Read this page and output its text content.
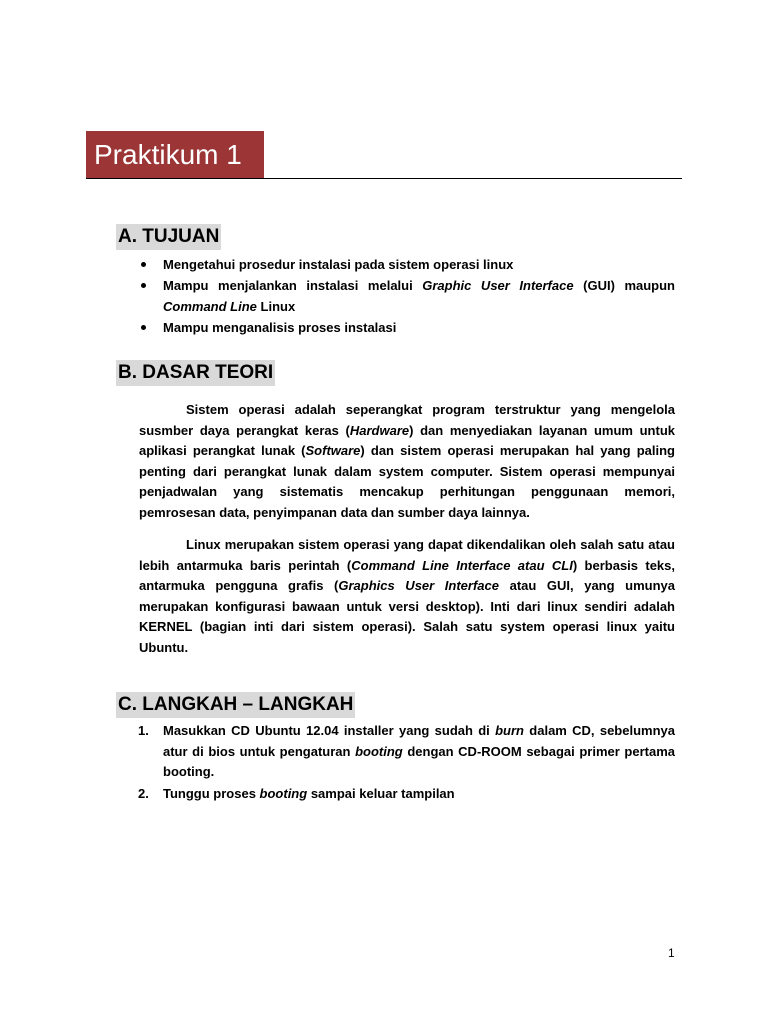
Praktikum 1
A. TUJUAN
Mengetahui prosedur instalasi pada sistem operasi linux
Mampu menjalankan instalasi melalui Graphic User Interface (GUI) maupun Command Line Linux
Mampu menganalisis proses instalasi
B. DASAR TEORI
Sistem operasi adalah seperangkat program terstruktur yang mengelola susmber daya perangkat keras (Hardware) dan menyediakan layanan umum untuk aplikasi perangkat lunak (Software) dan sistem operasi merupakan hal yang paling penting dari perangkat lunak dalam system computer. Sistem operasi mempunyai penjadwalan yang sistematis mencakup perhitungan penggunaan memori, pemrosesan data, penyimpanan data dan sumber daya lainnya.
Linux merupakan sistem operasi yang dapat dikendalikan oleh salah satu atau lebih antarmuka baris perintah (Command Line Interface atau CLI) berbasis teks, antarmuka pengguna grafis (Graphics User Interface atau GUI, yang umunya merupakan konfigurasi bawaan untuk versi desktop). Inti dari linux sendiri adalah KERNEL (bagian inti dari sistem operasi). Salah satu system operasi linux yaitu Ubuntu.
C. LANGKAH – LANGKAH
1. Masukkan CD Ubuntu 12.04 installer yang sudah di burn dalam CD, sebelumnya atur di bios untuk pengaturan booting dengan CD-ROOM sebagai primer pertama booting.
2. Tunggu proses booting sampai keluar tampilan
1
